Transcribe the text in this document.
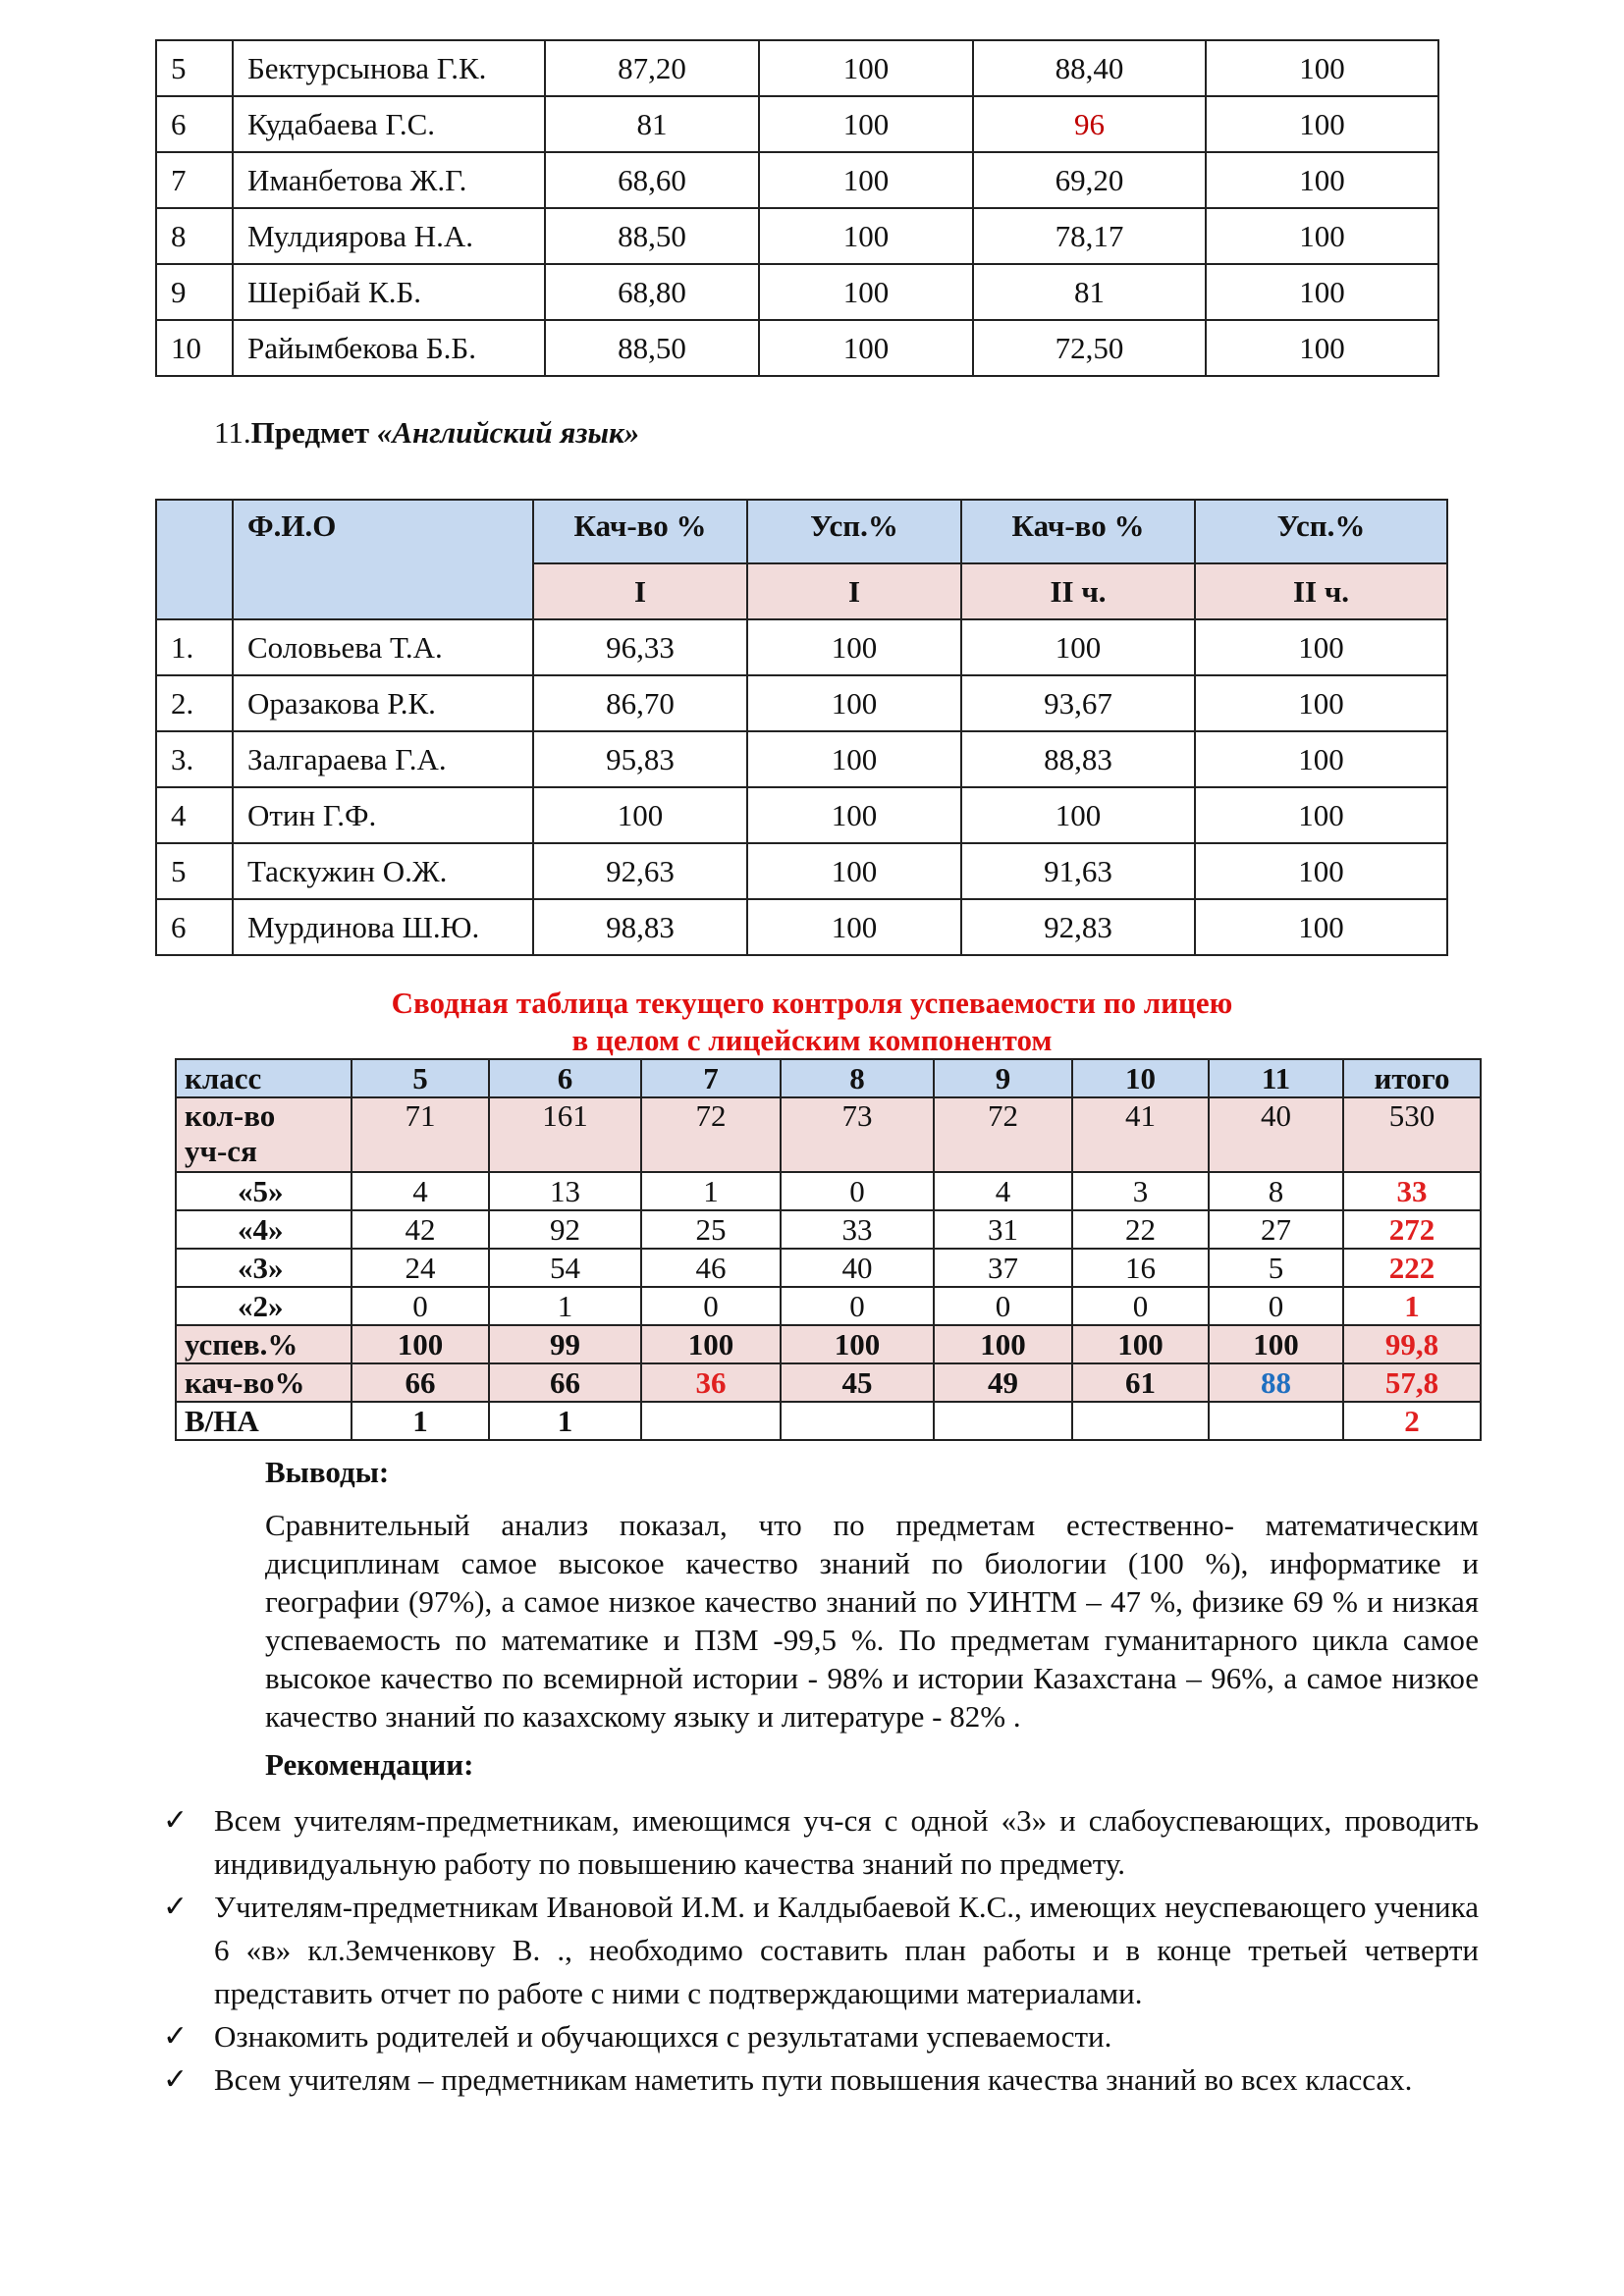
5	Бектурсынова Г.К.	87,20	100	88,40	100
6	Кудабаева Г.С.	81	100	96	100
7	Иманбетова Ж.Г.	68,60	100	69,20	100
8	Мулдиярова Н.А.	88,50	100	78,17	100
9	Шерібай К.Б.	68,80	100	81	100
10	Райымбекова Б.Б.	88,50	100	72,50	100
11.Предмет «Английский язык»
	Ф.И.О	Кач-во %	Усп.%	Кач-во %	Усп.%
		I	I	II ч.	II ч.
1.	Соловьева Т.А.	96,33	100	100	100
2.	Оразакова Р.К.	86,70	100	93,67	100
3.	Залгараева Г.А.	95,83	100	88,83	100
4	Отин Г.Ф.	100	100	100	100
5	Таскужин О.Ж.	92,63	100	91,63	100
6	Мурдинова Ш.Ю.	98,83	100	92,83	100
Сводная таблица текущего контроля успеваемости по лицею
в целом с лицейским компонентом
класс	5	6	7	8	9	10	11	итого

кол-во
уч-ся	71	161	72	73	72	41	40	530
«5»	4	13	1	0	4	3	8	33
«4»	42	92	25	33	31	22	27	272
«3»	24	54	46	40	37	16	5	222
«2»	0	1	0	0	0	0	0	1
успев.%	100	99	100	100	100	100	100	99,8
кач-во%	66	66	36	45	49	61	88	57,8
В/НА	1	1						2
Выводы:
Сравнительный анализ показал, что по предметам естественно- математическим дисциплинам самое высокое качество знаний по биологии (100 %), информатике и географии (97%), а самое низкое качество знаний по УИНТМ – 47 %, физике 69 % и низкая успеваемость по математике и ПЗМ -99,5 %. По предметам гуманитарного цикла самое высокое качество по всемирной истории - 98% и истории Казахстана – 96%, а самое низкое качество знаний по казахскому языку и литературе - 82% .
Рекомендации:
✓ Всем учителям-предметникам, имеющимся уч-ся с одной «3» и слабоуспевающих, проводить индивидуальную работу по повышению качества знаний по предмету.
✓ Учителям-предметникам Ивановой И.М. и Калдыбаевой К.С., имеющих неуспевающего ученика 6 «в» кл.Земченкову В. ., необходимо составить план работы и в конце третьей четверти представить отчет по работе с ними с подтверждающими материалами.
✓ Ознакомить родителей и обучающихся с результатами успеваемости.
✓ Всем учителям – предметникам наметить пути повышения качества знаний во всех классах.
